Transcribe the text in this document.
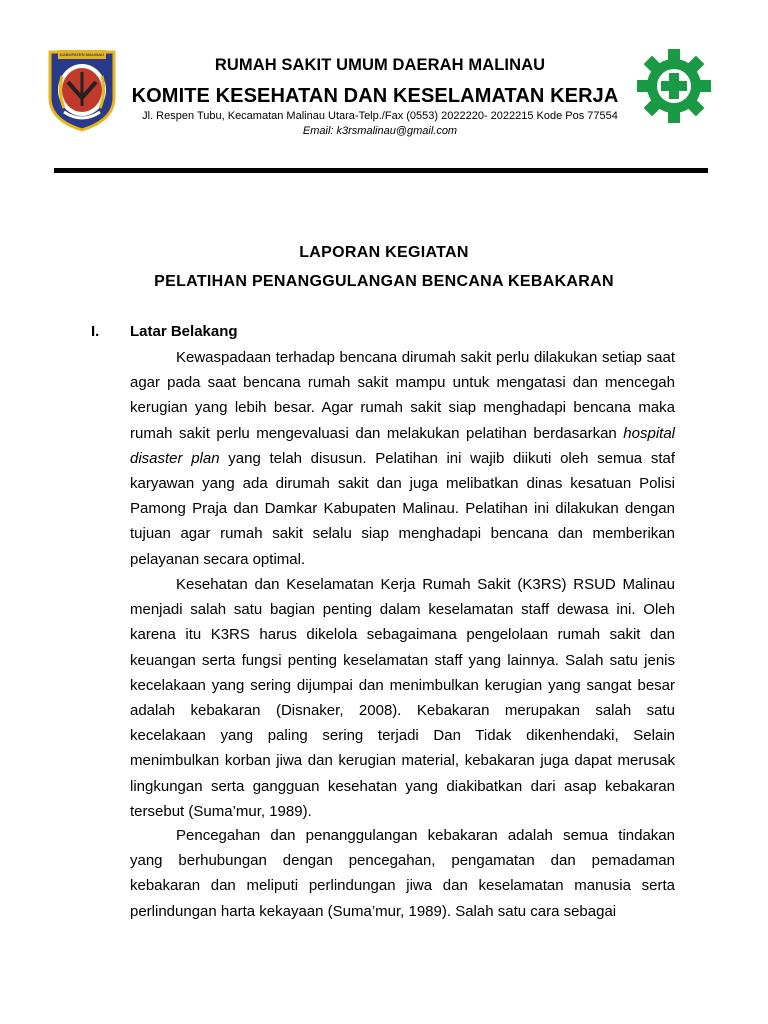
KABUPATEN MALINAU
RUMAH SAKIT UMUM DAERAH MALINAU
KOMITE KESEHATAN DAN KESELAMATAN KERJA
Jl. Respen Tubu, Kecamatan Malinau Utara-Telp./Fax (0553) 2022220- 2022215 Kode Pos 77554
Email: k3rsmalinau@gmail.com
LAPORAN KEGIATAN
PELATIHAN PENANGGULANGAN BENCANA KEBAKARAN
I. Latar Belakang

Kewaspadaan terhadap bencana dirumah sakit perlu dilakukan setiap saat agar pada saat bencana rumah sakit mampu untuk mengatasi dan mencegah kerugian yang lebih besar. Agar rumah sakit siap menghadapi bencana maka rumah sakit perlu mengevaluasi dan melakukan pelatihan berdasarkan hospital disaster plan yang telah disusun. Pelatihan ini wajib diikuti oleh semua staf karyawan yang ada dirumah sakit dan juga melibatkan dinas kesatuan Polisi Pamong Praja dan Damkar Kabupaten Malinau. Pelatihan ini dilakukan dengan tujuan agar rumah sakit selalu siap menghadapi bencana dan memberikan pelayanan secara optimal.

Kesehatan dan Keselamatan Kerja Rumah Sakit (K3RS) RSUD Malinau menjadi salah satu bagian penting dalam keselamatan staff dewasa ini. Oleh karena itu K3RS harus dikelola sebagaimana pengelolaan rumah sakit dan keuangan serta fungsi penting keselamatan staff yang lainnya. Salah satu jenis kecelakaan yang sering dijumpai dan menimbulkan kerugian yang sangat besar adalah kebakaran (Disnaker, 2008). Kebakaran merupakan salah satu kecelakaan yang paling sering terjadi Dan Tidak dikenhendaki, Selain menimbulkan korban jiwa dan kerugian material, kebakaran juga dapat merusak lingkungan serta gangguan kesehatan yang diakibatkan dari asap kebakaran tersebut (Suma’mur, 1989).

Pencegahan dan penanggulangan kebakaran adalah semua tindakan yang berhubungan dengan pencegahan, pengamatan dan pemadaman kebakaran dan meliputi perlindungan jiwa dan keselamatan manusia serta perlindungan harta kekayaan (Suma’mur, 1989). Salah satu cara sebagai
